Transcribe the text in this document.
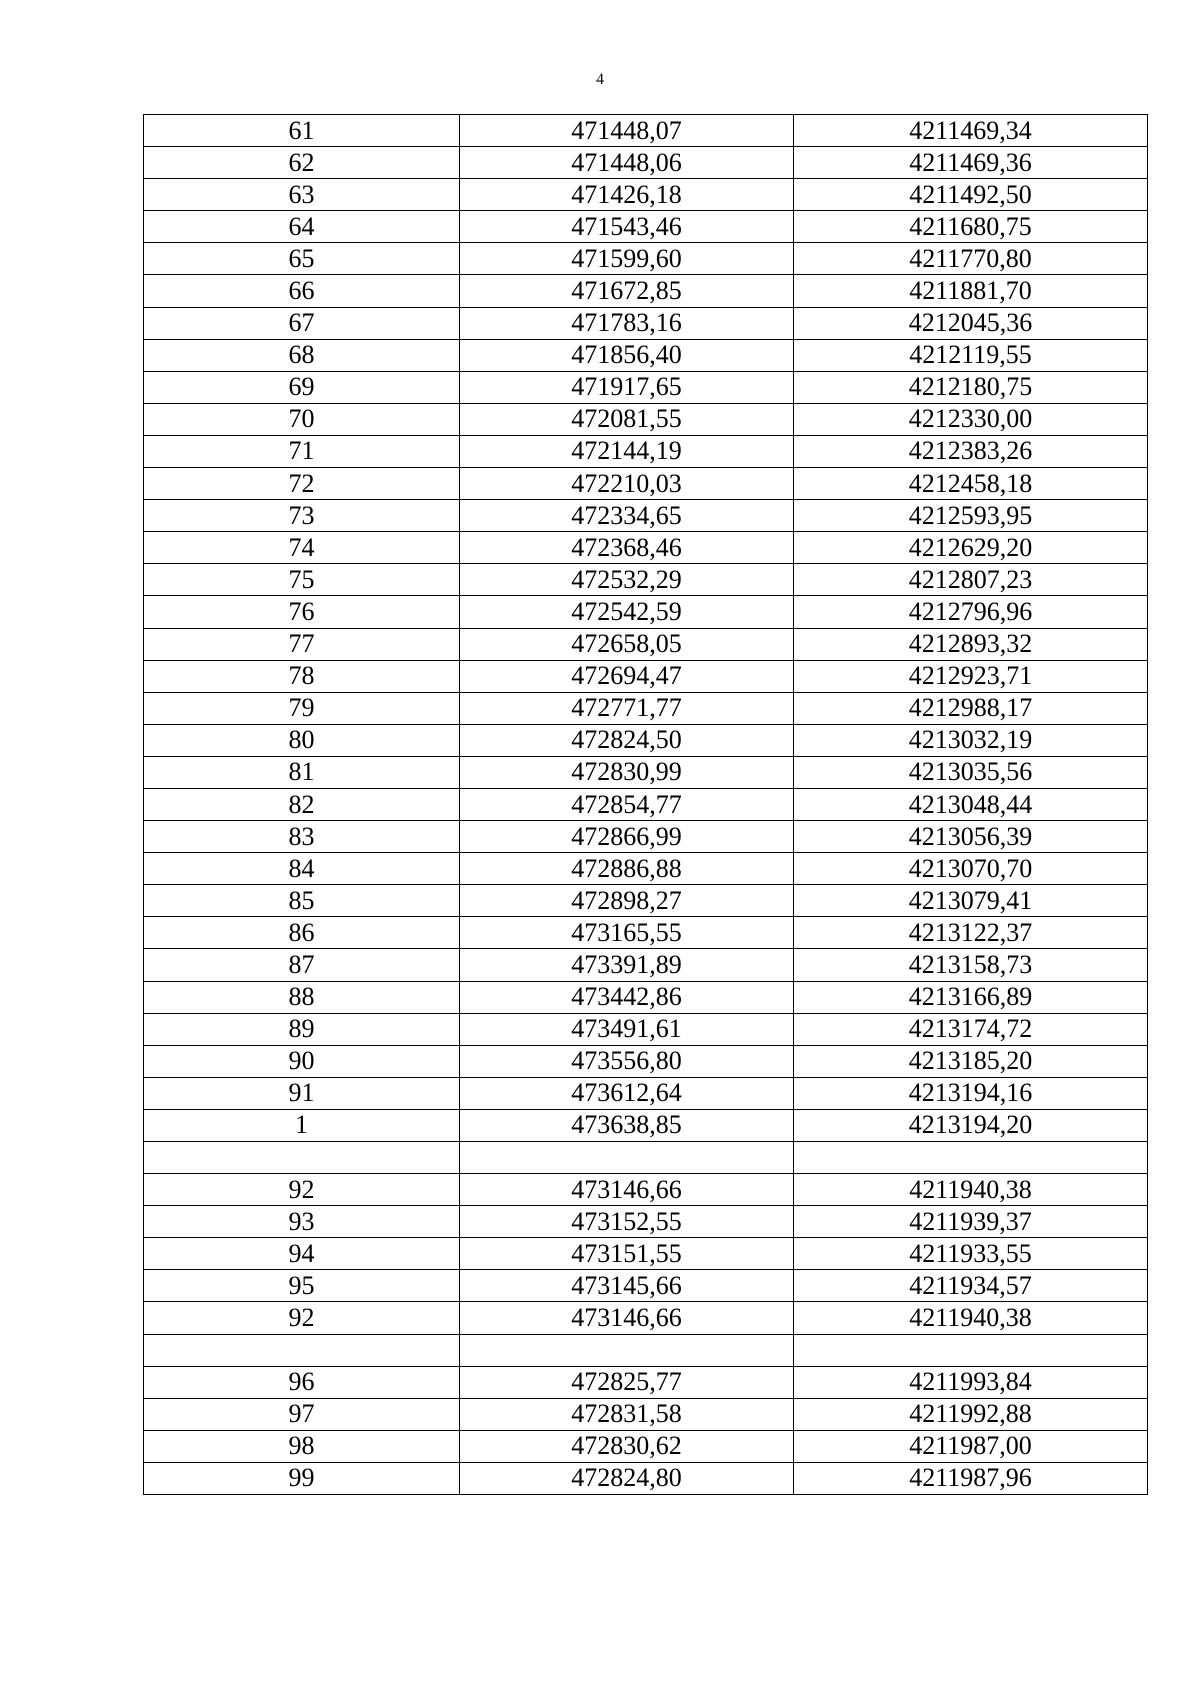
4
61	471448,07	4211469,34
62	471448,06	4211469,36
63	471426,18	4211492,50
64	471543,46	4211680,75
65	471599,60	4211770,80
66	471672,85	4211881,70
67	471783,16	4212045,36
68	471856,40	4212119,55
69	471917,65	4212180,75
70	472081,55	4212330,00
71	472144,19	4212383,26
72	472210,03	4212458,18
73	472334,65	4212593,95
74	472368,46	4212629,20
75	472532,29	4212807,23
76	472542,59	4212796,96
77	472658,05	4212893,32
78	472694,47	4212923,71
79	472771,77	4212988,17
80	472824,50	4213032,19
81	472830,99	4213035,56
82	472854,77	4213048,44
83	472866,99	4213056,39
84	472886,88	4213070,70
85	472898,27	4213079,41
86	473165,55	4213122,37
87	473391,89	4213158,73
88	473442,86	4213166,89
89	473491,61	4213174,72
90	473556,80	4213185,20
91	473612,64	4213194,16
1	473638,85	4213194,20

92	473146,66	4211940,38
93	473152,55	4211939,37
94	473151,55	4211933,55
95	473145,66	4211934,57
92	473146,66	4211940,38

96	472825,77	4211993,84
97	472831,58	4211992,88
98	472830,62	4211987,00
99	472824,80	4211987,96
